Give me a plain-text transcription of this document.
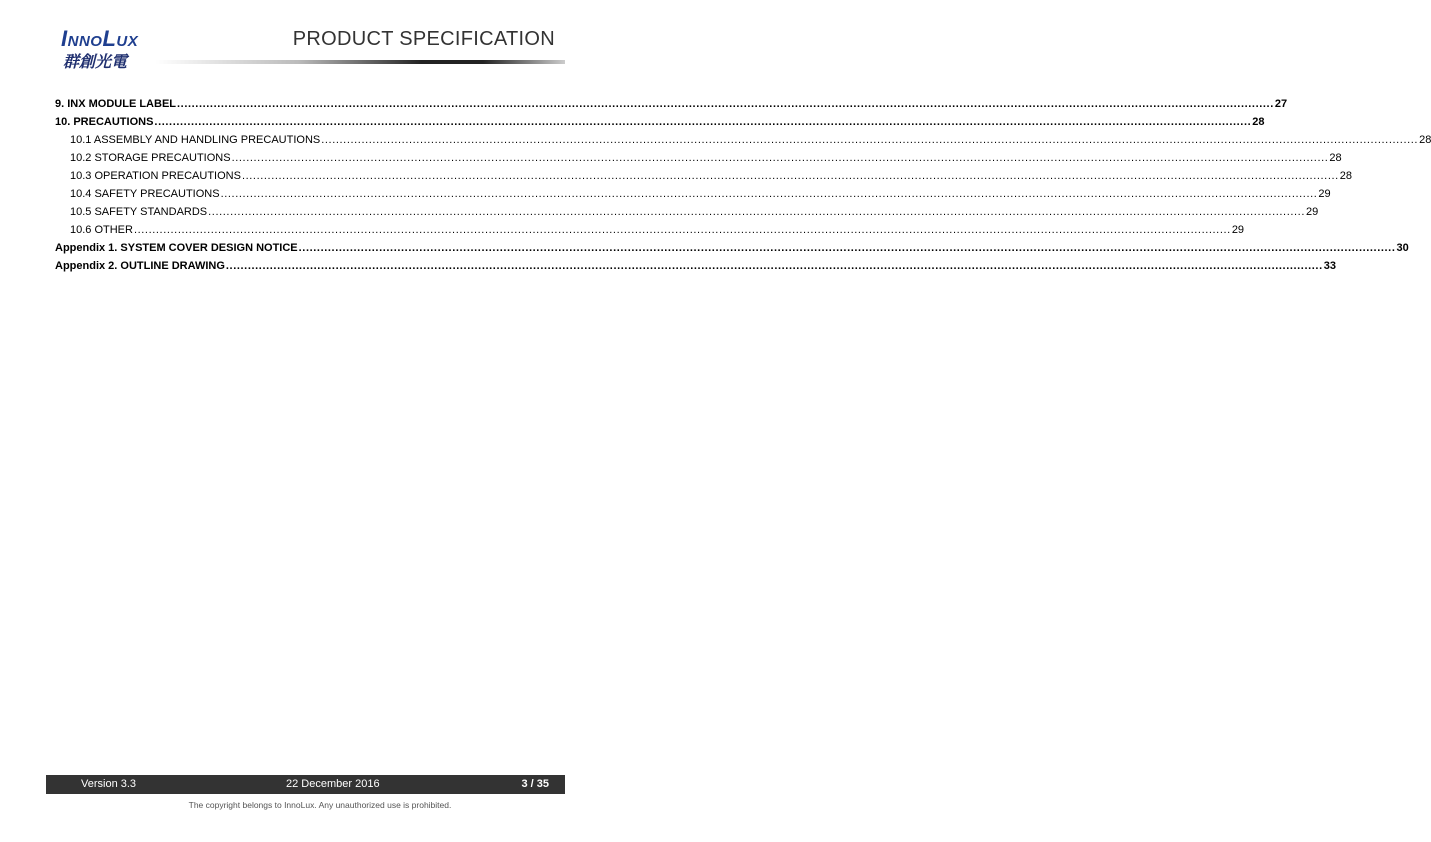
INNOLUX
群創光電
PRODUCT SPECIFICATION
9. INX MODULE LABEL ............................................................................................................................................................................................................................................................................................................ 27
10. PRECAUTIONS ............................................................................................................................................................................................................................................................................................................ 28
10.1 ASSEMBLY AND HANDLING PRECAUTIONS ............................................................................................................................................................................................................................................................................................................ 28
10.2 STORAGE PRECAUTIONS ............................................................................................................................................................................................................................................................................................................ 28
10.3 OPERATION PRECAUTIONS ............................................................................................................................................................................................................................................................................................................ 28
10.4 SAFETY PRECAUTIONS ............................................................................................................................................................................................................................................................................................................ 29
10.5 SAFETY STANDARDS ............................................................................................................................................................................................................................................................................................................ 29
10.6 OTHER ............................................................................................................................................................................................................................................................................................................ 29
Appendix 1. SYSTEM COVER DESIGN NOTICE ............................................................................................................................................................................................................................................................................................................ 30
Appendix 2. OUTLINE DRAWING ............................................................................................................................................................................................................................................................................................................ 33
Version 3.3	22 December 2016	3 / 35
The copyright belongs to InnoLux. Any unauthorized use is prohibited.
